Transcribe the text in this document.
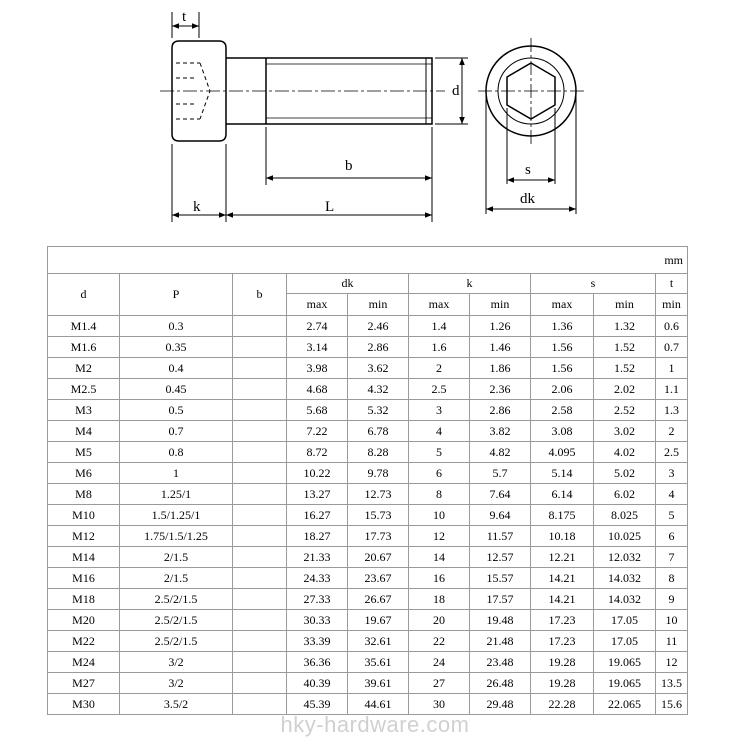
t
k	L
b
d
s
dk
mm									
d	P	b	dk		k		s		t
			max	min	max	min	max	min	min
M1.4	0.3		2.74	2.46	1.4	1.26	1.36	1.32	0.6
M1.6	0.35		3.14	2.86	1.6	1.46	1.56	1.52	0.7
M2	0.4		3.98	3.62	2	1.86	1.56	1.52	1
M2.5	0.45		4.68	4.32	2.5	2.36	2.06	2.02	1.1
M3	0.5		5.68	5.32	3	2.86	2.58	2.52	1.3
M4	0.7		7.22	6.78	4	3.82	3.08	3.02	2
M5	0.8		8.72	8.28	5	4.82	4.095	4.02	2.5
M6	1		10.22	9.78	6	5.7	5.14	5.02	3
M8	1.25/1		13.27	12.73	8	7.64	6.14	6.02	4
M10	1.5/1.25/1		16.27	15.73	10	9.64	8.175	8.025	5
M12	1.75/1.5/1.25		18.27	17.73	12	11.57	10.18	10.025	6
M14	2/1.5		21.33	20.67	14	12.57	12.21	12.032	7
M16	2/1.5		24.33	23.67	16	15.57	14.21	14.032	8
M18	2.5/2/1.5		27.33	26.67	18	17.57	14.21	14.032	9
M20	2.5/2/1.5		30.33	19.67	20	19.48	17.23	17.05	10
M22	2.5/2/1.5		33.39	32.61	22	21.48	17.23	17.05	11
M24	3/2		36.36	35.61	24	23.48	19.28	19.065	12
M27	3/2		40.39	39.61	27	26.48	19.28	19.065	13.5
M30	3.5/2		45.39	44.61	30	29.48	22.28	22.065	15.6
hky-hardware.com
